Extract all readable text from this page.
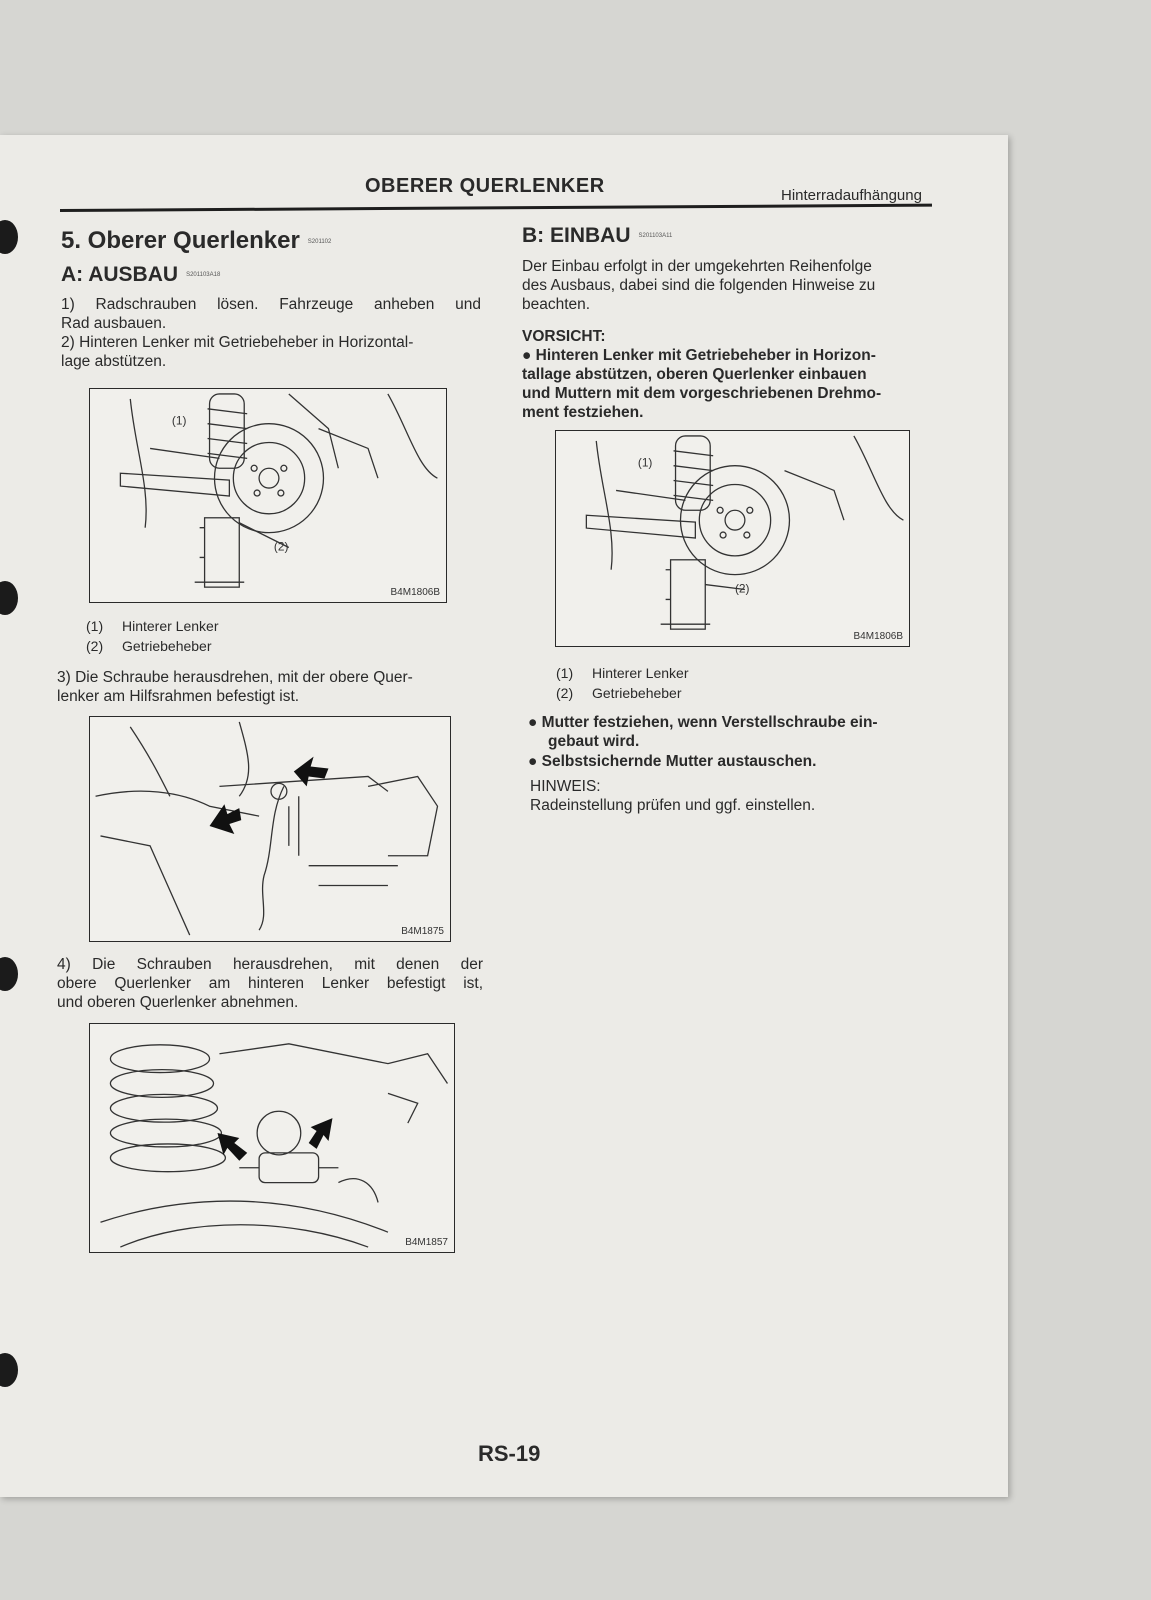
OBERER QUERLENKER	Hinterradaufhängung
5. Oberer Querlenker S201102
A: AUSBAU S201103A18
1) Radschrauben lösen. Fahrzeuge anheben und
Rad ausbauen.
2) Hinteren Lenker mit Getriebeheber in Horizontal-
lage abstützen.
(1)
(2)
B4M1806B
(1) Hinterer Lenker
(2) Getriebeheber
3) Die Schraube herausdrehen, mit der obere Quer-
lenker am Hilfsrahmen befestigt ist.
B4M1875
4) Die Schrauben herausdrehen, mit denen der
obere Querlenker am hinteren Lenker befestigt ist,
und oberen Querlenker abnehmen.
B4M1857
B: EINBAU S201103A11
Der Einbau erfolgt in der umgekehrten Reihenfolge
des Ausbaus, dabei sind die folgenden Hinweise zu
beachten.
VORSICHT:
● Hinteren Lenker mit Getriebeheber in Horizon-
tallage abstützen, oberen Querlenker einbauen
und Muttern mit dem vorgeschriebenen Drehmo-
ment festziehen.
(1)
(2)
B4M1806B
(1) Hinterer Lenker
(2) Getriebeheber
● Mutter festziehen, wenn Verstellschraube ein-
gebaut wird.
● Selbstsichernde Mutter austauschen.
HINWEIS:
Radeinstellung prüfen und ggf. einstellen.
RS-19
